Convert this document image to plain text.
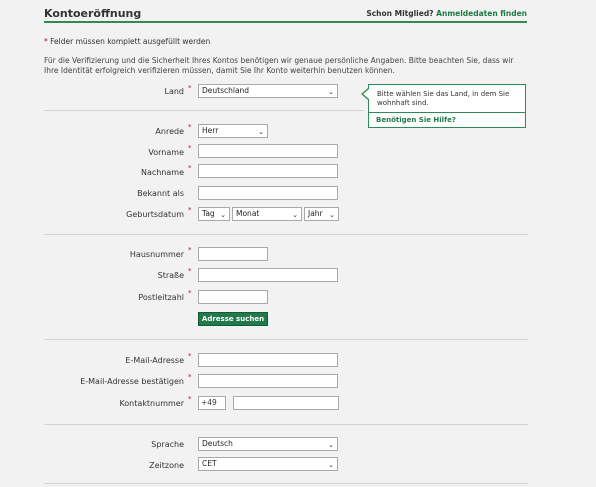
Kontoeröffnung	Schon Mitglied? Anmeldedaten finden
* Felder müssen komplett ausgefüllt werden
Für die Verifizierung und die Sicherheit Ihres Kontos benötigen wir genaue persönliche Angaben. Bitte beachten Sie, dass wir Ihre Identität erfolgreich verifizieren müssen, damit Sie Ihr Konto weiterhin benutzen können.
Land *	Deutschland	⌄	Bitte wählen Sie das Land, in dem Sie wohnhaft sind.
Benötigen Sie Hilfe?
Anrede *	Herr	⌄
Vorname *
Nachname *
Bekannt als
Geburtsdatum *	Tag ⌄	Monat	⌄	Jahr ⌄
Hausnummer *
Straße *
Postleitzahl *
Adresse suchen
E-Mail-Adresse *
E-Mail-Adresse bestätigen *
Kontaktnummer *	+49
Sprache	Deutsch	⌄
Zeitzone	CET	⌄
